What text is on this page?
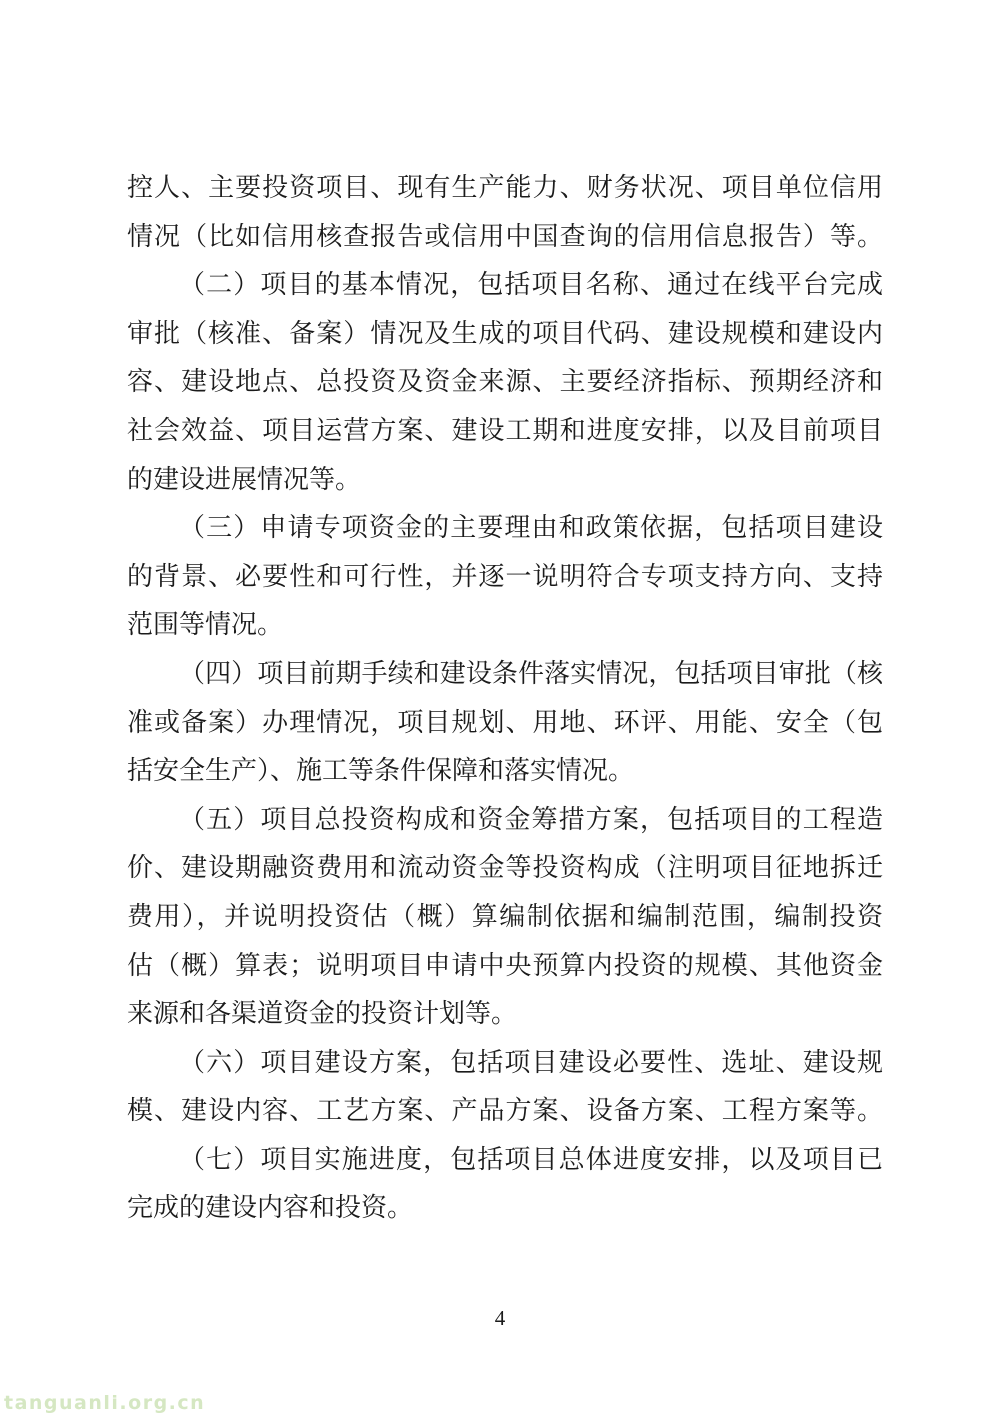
控人、主要投资项目、现有生产能力、财务状况、项目单位信用
情况（比如信用核查报告或信用中国查询的信用信息报告）等。
（二）项目的基本情况，包括项目名称、通过在线平台完成
审批（核准、备案）情况及生成的项目代码、建设规模和建设内
容、建设地点、总投资及资金来源、主要经济指标、预期经济和
社会效益、项目运营方案、建设工期和进度安排，以及目前项目
的建设进展情况等。
（三）申请专项资金的主要理由和政策依据，包括项目建设
的背景、必要性和可行性，并逐一说明符合专项支持方向、支持
范围等情况。
（四）项目前期手续和建设条件落实情况，包括项目审批（核
准或备案）办理情况，项目规划、用地、环评、用能、安全（包
括安全生产）、施工等条件保障和落实情况。
（五）项目总投资构成和资金筹措方案，包括项目的工程造
价、建设期融资费用和流动资金等投资构成（注明项目征地拆迁
费用），并说明投资估（概）算编制依据和编制范围，编制投资
估（概）算表；说明项目申请中央预算内投资的规模、其他资金
来源和各渠道资金的投资计划等。
（六）项目建设方案，包括项目建设必要性、选址、建设规
模、建设内容、工艺方案、产品方案、设备方案、工程方案等。
（七）项目实施进度，包括项目总体进度安排，以及项目已
完成的建设内容和投资。
4
tanguanli.org.cn
